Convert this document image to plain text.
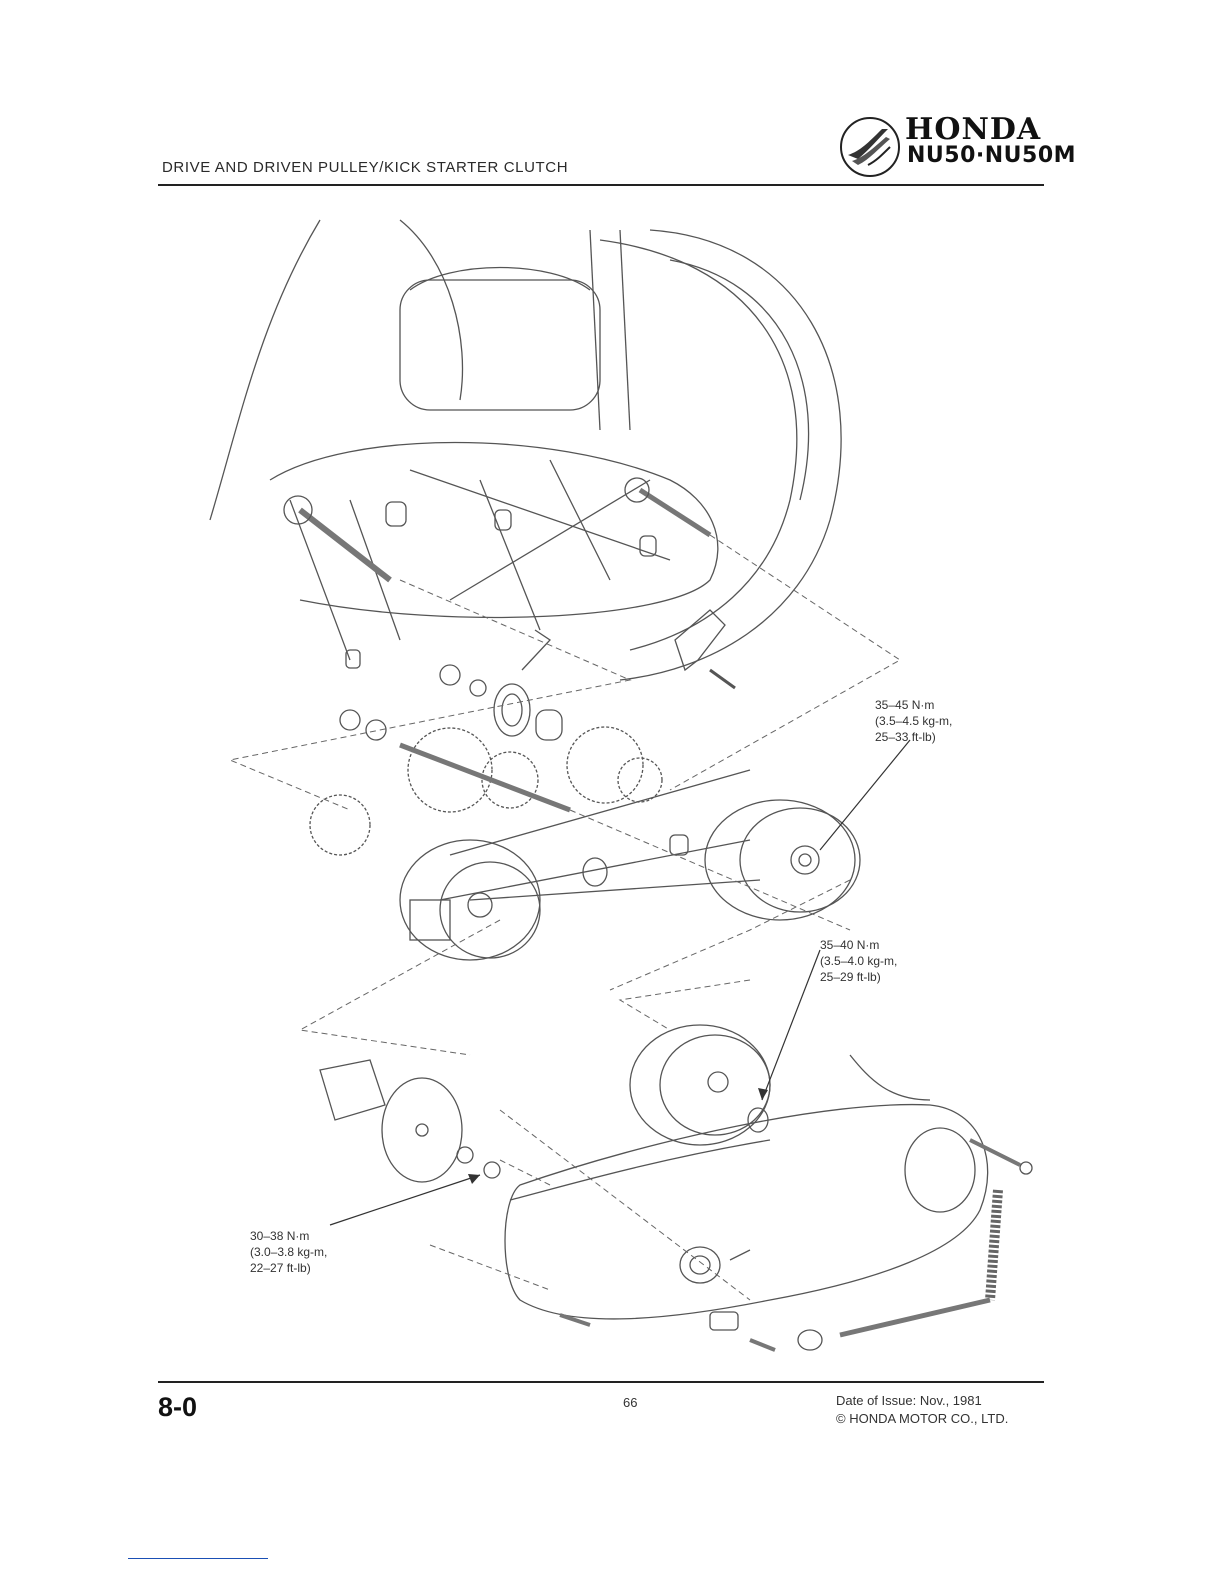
DRIVE AND DRIVEN PULLEY/KICK STARTER CLUTCH
HONDA
NU50·NU50M
35–45 N·m
(3.5–4.5 kg-m,
25–33 ft-lb)
35–40 N·m
(3.5–4.0 kg-m,
25–29 ft-lb)
30–38 N·m
(3.0–3.8 kg-m,
22–27 ft-lb)
8-0	66	Date of Issue: Nov., 1981
© HONDA MOTOR CO., LTD.
